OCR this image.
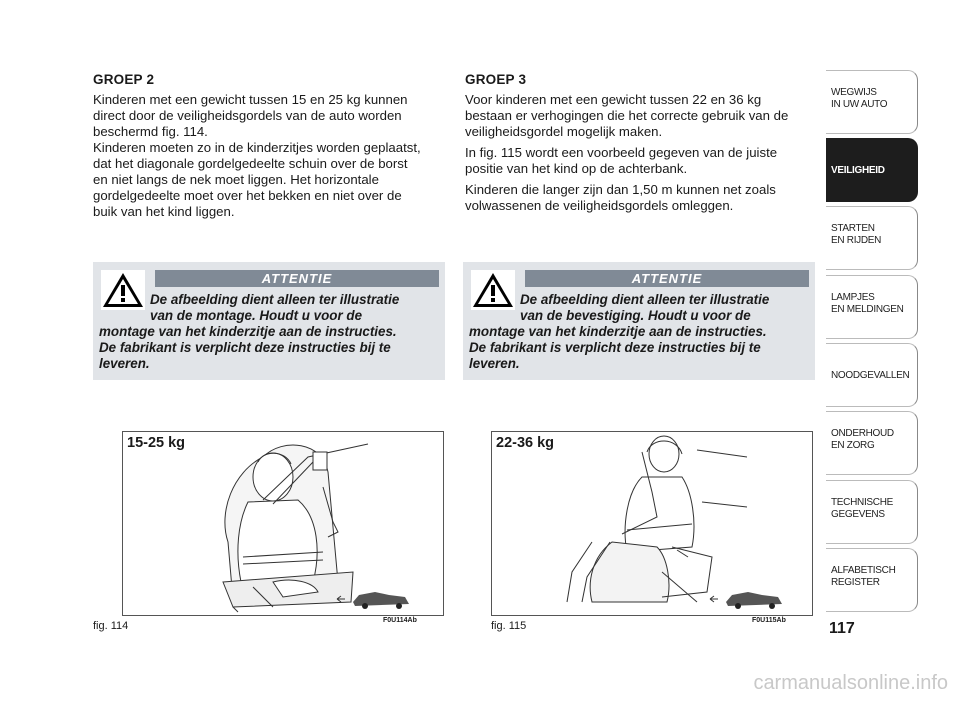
GROEP 2

Kinderen met een gewicht tussen 15 en 25 kg kunnen
direct door de veiligheidsgordels van de auto worden
beschermd fig. 114.
Kinderen moeten zo in de kinderzitjes worden geplaatst,
dat het diagonale gordelgedeelte schuin over de borst
en niet langs de nek moet liggen. Het horizontale
gordelgedeelte moet over het bekken en niet over de
buik van het kind liggen.

GROEP 3

Voor kinderen met een gewicht tussen 22 en 36 kg
bestaan er verhogingen die het correcte gebruik van de
veiligheidsgordel mogelijk maken.

In fig. 115 wordt een voorbeeld gegeven van de juiste
positie van het kind op de achterbank.

Kinderen die langer zijn dan 1,50 m kunnen net zoals
volwassenen de veiligheidsgordels omleggen.

ATTENTIE
De afbeelding dient alleen ter illustratie
van de montage. Houdt u voor de
montage van het kinderzitje aan de instructies.
De fabrikant is verplicht deze instructies bij te
leveren.
ATTENTIE
De afbeelding dient alleen ter illustratie
van de bevestiging. Houdt u voor de
montage van het kinderzitje aan de instructies.
De fabrikant is verplicht deze instructies bij te
leveren.
15-25 kg
fig. 114	F0U114Ab
22-36 kg
fig. 115	F0U115Ab
WEGWIJS
IN UW AUTO
VEILIGHEID
STARTEN
EN RIJDEN
LAMPJES
EN MELDINGEN
NOODGEVALLEN
ONDERHOUD
EN ZORG
TECHNISCHE
GEGEVENS
ALFABETISCH
REGISTER
117
carmanualsonline.info
